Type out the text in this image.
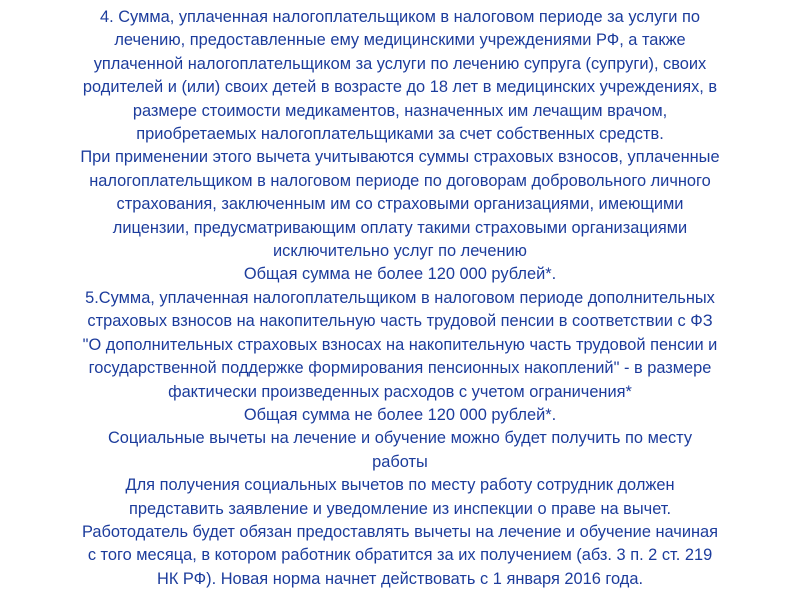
4. Сумма, уплаченная налогоплательщиком в налоговом периоде за услуги по
лечению, предоставленные ему медицинскими учреждениями РФ, а также
уплаченной налогоплательщиком за услуги по лечению супруга (супруги), своих
родителей и (или) своих детей в возрасте до 18 лет в медицинских учреждениях, в
размере стоимости медикаментов, назначенных им лечащим врачом,
приобретаемых налогоплательщиками за счет собственных средств.
При применении этого вычета учитываются суммы страховых взносов, уплаченные
налогоплательщиком в налоговом периоде по договорам добровольного личного
страхования, заключенным им со страховыми организациями, имеющими
лицензии, предусматривающим оплату такими страховыми организациями
исключительно услуг по лечению
Общая сумма не более 120 000 рублей*.
5.Сумма, уплаченная налогоплательщиком в налоговом периоде дополнительных
страховых взносов на накопительную часть трудовой пенсии в соответствии с ФЗ
"О дополнительных страховых взносах на накопительную часть трудовой пенсии и
государственной поддержке формирования пенсионных накоплений" - в размере
фактически произведенных расходов с учетом ограничения*
Общая сумма не более 120 000 рублей*.
Социальные вычеты на лечение и обучение можно будет получить по месту
работы
Для получения социальных вычетов по месту работу сотрудник должен
представить заявление и уведомление из инспекции о праве на вычет.
Работодатель будет обязан предоставлять вычеты на лечение и обучение начиная
с того месяца, в котором работник обратится за их получением (абз. 3 п. 2 ст. 219
НК РФ). Новая норма начнет действовать с 1 января 2016 года.
